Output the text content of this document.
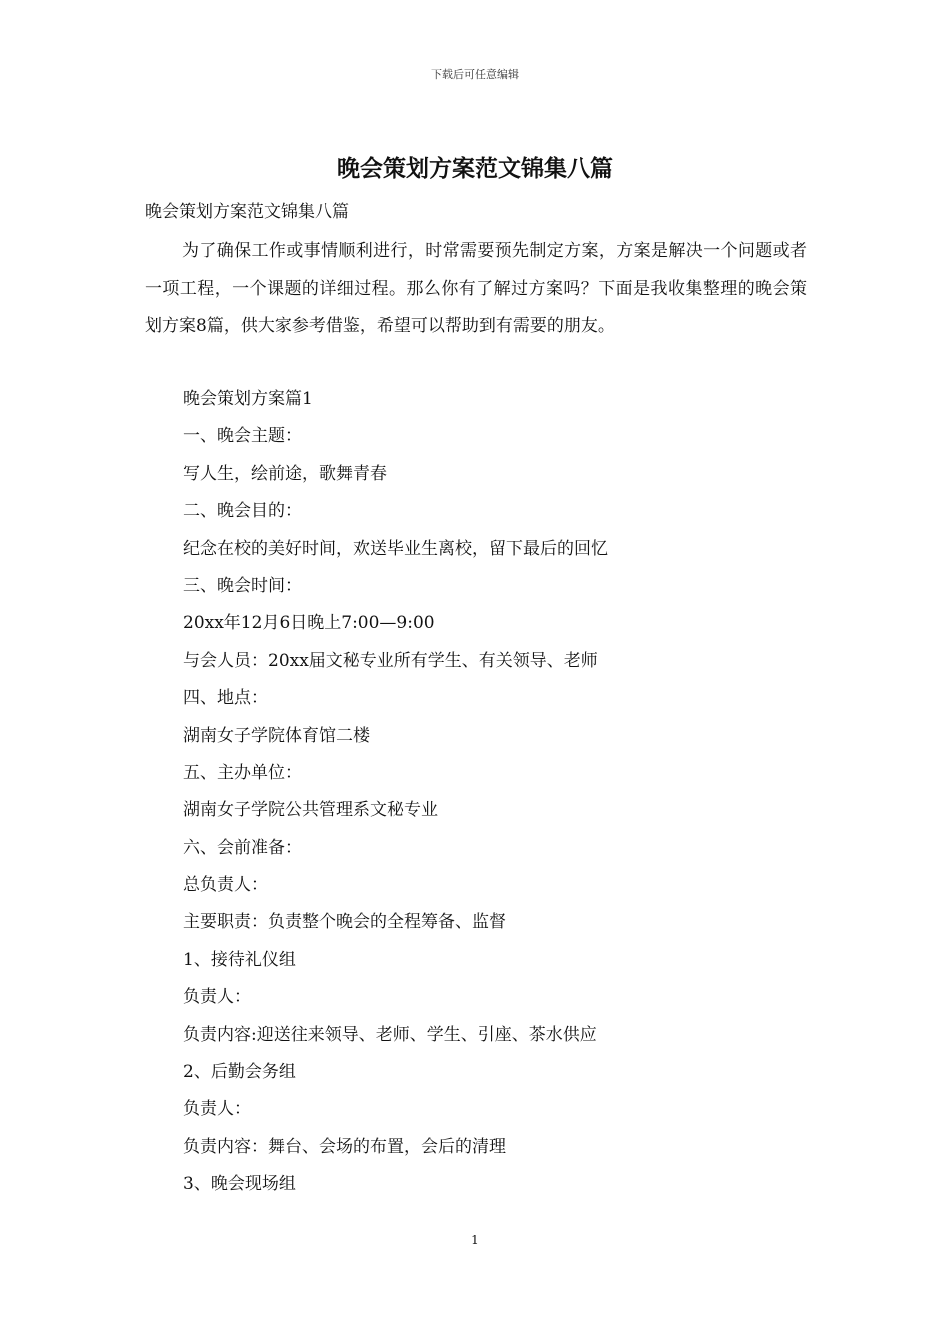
下载后可任意编辑
晚会策划方案范文锦集八篇

晚会策划方案范文锦集八篇

为了确保工作或事情顺利进行，时常需要预先制定方案，方案是解决一个问题或者一项工程，一个课题的详细过程。那么你有了解过方案吗？下面是我收集整理的晚会策划方案8篇，供大家参考借鉴，希望可以帮助到有需要的朋友。

晚会策划方案篇1
一、晚会主题：
写人生，绘前途，歌舞青春
二、晚会目的：
纪念在校的美好时间，欢送毕业生离校，留下最后的回忆
三、晚会时间：
20xx年12月6日晚上7:00—9:00
与会人员：20xx届文秘专业所有学生、有关领导、老师
四、地点：
湖南女子学院体育馆二楼
五、主办单位：
湖南女子学院公共管理系文秘专业
六、会前准备：
总负责人：
主要职责：负责整个晚会的全程筹备、监督
1、接待礼仪组
负责人：
负责内容:迎送往来领导、老师、学生、引座、茶水供应
2、后勤会务组
负责人：
负责内容：舞台、会场的布置，会后的清理
3、晚会现场组
1
